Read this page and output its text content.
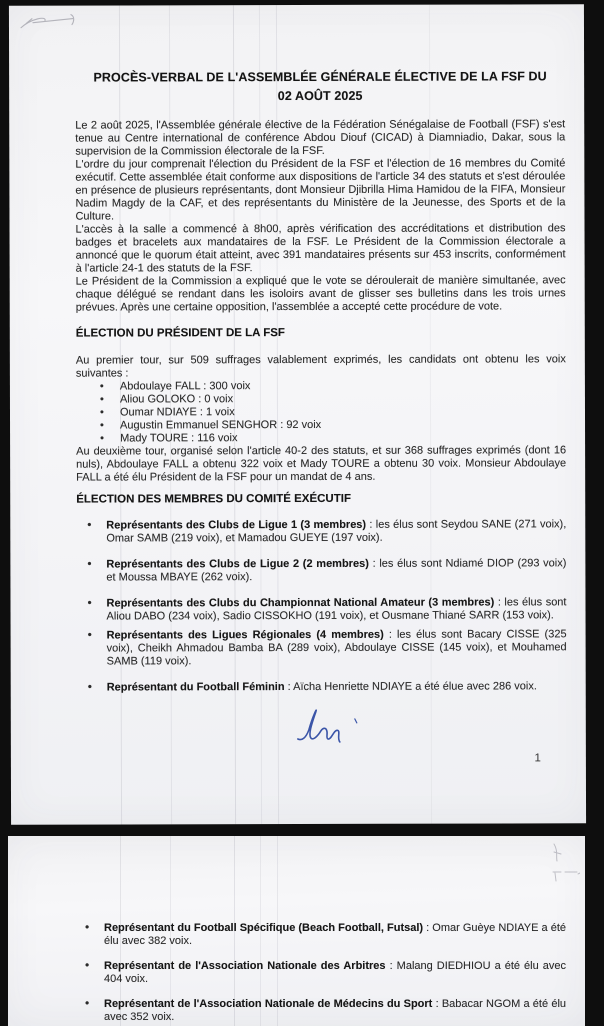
PROCÈS-VERBAL DE L'ASSEMBLÉE GÉNÉRALE ÉLECTIVE DE LA FSF DU
02 AOÛT 2025

Le 2 août 2025, l'Assemblée générale élective de la Fédération Sénégalaise de Football (FSF) s'est tenue au Centre international de conférence Abdou Diouf (CICAD) à Diamniadio, Dakar, sous la supervision de la Commission électorale de la FSF.

L'ordre du jour comprenait l'élection du Président de la FSF et l'élection de 16 membres du Comité exécutif. Cette assemblée était conforme aux dispositions de l'article 34 des statuts et s'est déroulée en présence de plusieurs représentants, dont Monsieur Djibrilla Hima Hamidou de la FIFA, Monsieur Nadim Magdy de la CAF, et des représentants du Ministère de la Jeunesse, des Sports et de la Culture.

L'accès à la salle a commencé à 8h00, après vérification des accréditations et distribution des badges et bracelets aux mandataires de la FSF. Le Président de la Commission électorale a annoncé que le quorum était atteint, avec 391 mandataires présents sur 453 inscrits, conformément à l'article 24-1 des statuts de la FSF.

Le Président de la Commission a expliqué que le vote se déroulerait de manière simultanée, avec chaque délégué se rendant dans les isoloirs avant de glisser ses bulletins dans les trois urnes prévues. Après une certaine opposition, l'assemblée a accepté cette procédure de vote.

ÉLECTION DU PRÉSIDENT DE LA FSF

Au premier tour, sur 509 suffrages valablement exprimés, les candidats ont obtenu les voix suivantes :

• Abdoulaye FALL : 300 voix
• Aliou GOLOKO : 0 voix
• Oumar NDIAYE : 1 voix
• Augustin Emmanuel SENGHOR : 92 voix
• Mady TOURE : 116 voix

Au deuxième tour, organisé selon l'article 40-2 des statuts, et sur 368 suffrages exprimés (dont 16 nuls), Abdoulaye FALL a obtenu 322 voix et Mady TOURE a obtenu 30 voix. Monsieur Abdoulaye FALL a été élu Président de la FSF pour un mandat de 4 ans.

ÉLECTION DES MEMBRES DU COMITÉ EXÉCUTIF
• Représentants des Clubs de Ligue 1 (3 membres) : les élus sont Seydou SANE (271 voix), Omar SAMB (219 voix), et Mamadou GUEYE (197 voix).
• Représentants des Clubs de Ligue 2 (2 membres) : les élus sont Ndiamé DIOP (293 voix) et Moussa MBAYE (262 voix).
• Représentants des Clubs du Championnat National Amateur (3 membres) : les élus sont Aliou DABO (234 voix), Sadio CISSOKHO (191 voix), et Ousmane Thiané SARR (153 voix).
• Représentants des Ligues Régionales (4 membres) : les élus sont Bacary CISSE (325 voix), Cheikh Ahmadou Bamba BA (289 voix), Abdoulaye CISSE (145 voix), et Mouhamed SAMB (119 voix).
• Représentant du Football Féminin : Aïcha Henriette NDIAYE a été élue avec 286 voix.
1
• Représentant du Football Spécifique (Beach Football, Futsal) : Omar Guèye NDIAYE a été élu avec 382 voix.
• Représentant de l'Association Nationale des Arbitres : Malang DIEDHIOU a été élu avec 404 voix.
• Représentant de l'Association Nationale de Médecins du Sport : Babacar NGOM a été élu avec 352 voix.
